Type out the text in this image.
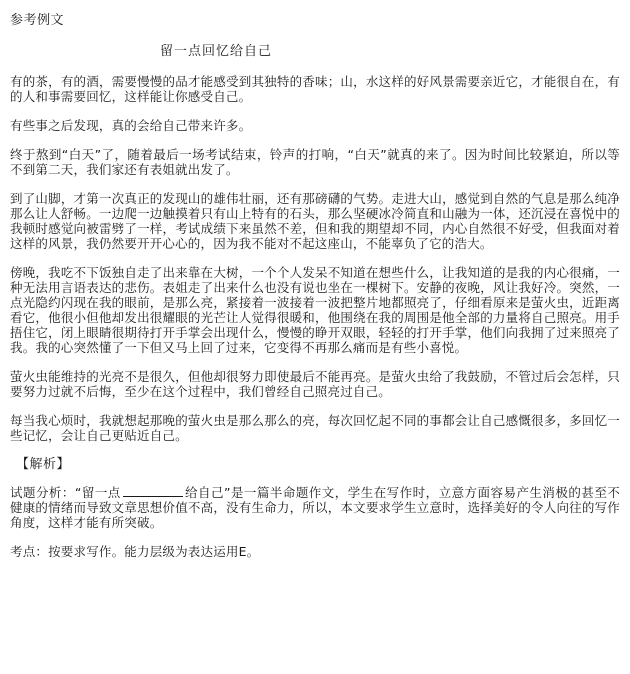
参考例文
留一点回忆给自己
有的茶，有的酒，需要慢慢的品才能感受到其独特的香味；山，水这样的好风景需要亲近它，才能很自在，有的人和事需要回忆，这样能让你感受自己。
有些事之后发现，真的会给自己带来许多。
终于熬到“白天”了，随着最后一场考试结束，铃声的打响，“白天”就真的来了。因为时间比较紧迫，所以等不到第二天，我们家还有表姐就出发了。
到了山脚，才第一次真正的发现山的雄伟壮丽，还有那磅礴的气势。走进大山，感觉到自然的气息是那么纯净那么让人舒畅。一边爬一边触摸着只有山上特有的石头，那么坚硬冰冷简直和山融为一体，还沉浸在喜悦中的我顿时感觉向被雷劈了一样，考试成绩下来虽然不差，但和我的期望却不同，内心自然很不好受，但我面对着这样的风景，我仍然要开开心心的，因为我不能对不起这座山，不能辜负了它的浩大。
傍晚，我吃不下饭独自走了出来靠在大树，一个个人发呆不知道在想些什么，让我知道的是我的内心很痛，一种无法用言语表达的悲伤。表姐走了出来什么也没有说也坐在一棵树下。安静的夜晚，风让我好冷。突然，一点光隐约闪现在我的眼前，是那么亮，紧接着一波接着一波把整片地都照亮了，仔细看原来是萤火虫，近距离看它，他很小但他却发出很耀眼的光芒让人觉得很暖和，他围绕在我的周围是他全部的力量将自己照亮。用手捂住它，闭上眼睛很期待打开手掌会出现什么，慢慢的睁开双眼，轻轻的打开手掌，他们向我拥了过来照亮了我。我的心突然懂了一下但又马上回了过来，它变得不再那么痛而是有些小喜悦。
萤火虫能维持的光亮不是很久，但他却很努力即使最后不能再亮。是萤火虫给了我鼓励，不管过后会怎样，只要努力过就不后悔，至少在这个过程中，我们曾经自己照亮过自己。
每当我心烦时，我就想起那晚的萤火虫是那么那么的亮，每次回忆起不同的事都会让自己感慨很多，多回忆一些记忆，会让自己更贴近自己。
【解析】
试题分析：“留一点	给自己”是一篇半命题作文，学生在写作时，立意方面容易产生消极的甚至不健康的情绪而导致文章思想价值不高，没有生命力，所以，本文要求学生立意时，选择美好的令人向往的写作角度，这样才能有所突破。
考点：按要求写作。能力层级为表达运用E。
